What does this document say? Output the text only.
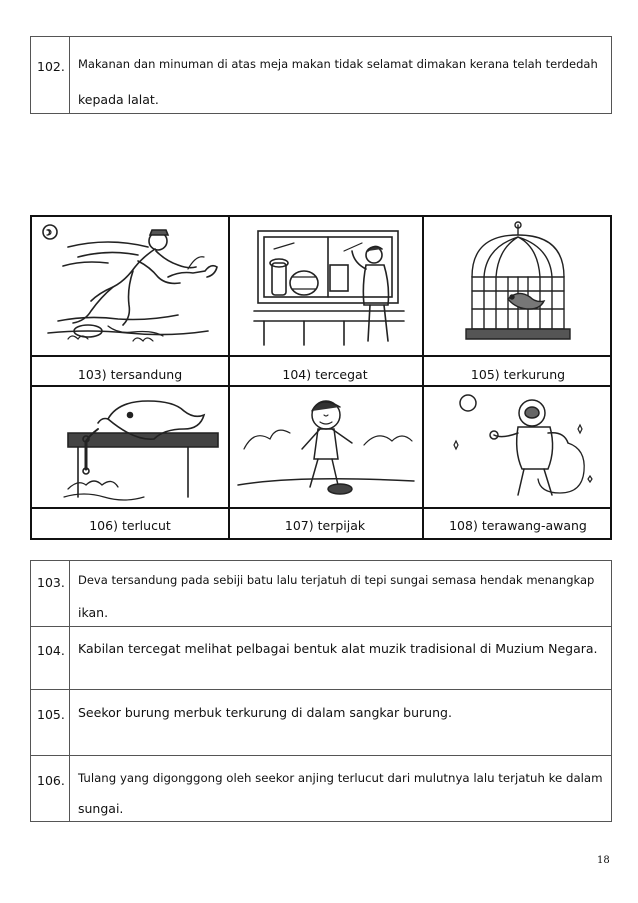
102. Makanan dan minuman di atas meja makan tidak selamat dimakan kerana telah terdedah
kepada lalat.
103) tersandung	104) tercegat	105) terkurung
106) terlucut	107) terpijak	108) terawang-awang
103. Deva tersandung pada sebiji batu lalu terjatuh di tepi sungai semasa hendak menangkap
ikan.
104. Kabilan tercegat melihat pelbagai bentuk alat muzik tradisional di Muzium Negara.
105. Seekor burung merbuk terkurung di dalam sangkar burung.
106. Tulang yang digonggong oleh seekor anjing terlucut dari mulutnya lalu terjatuh ke dalam
sungai.
18
